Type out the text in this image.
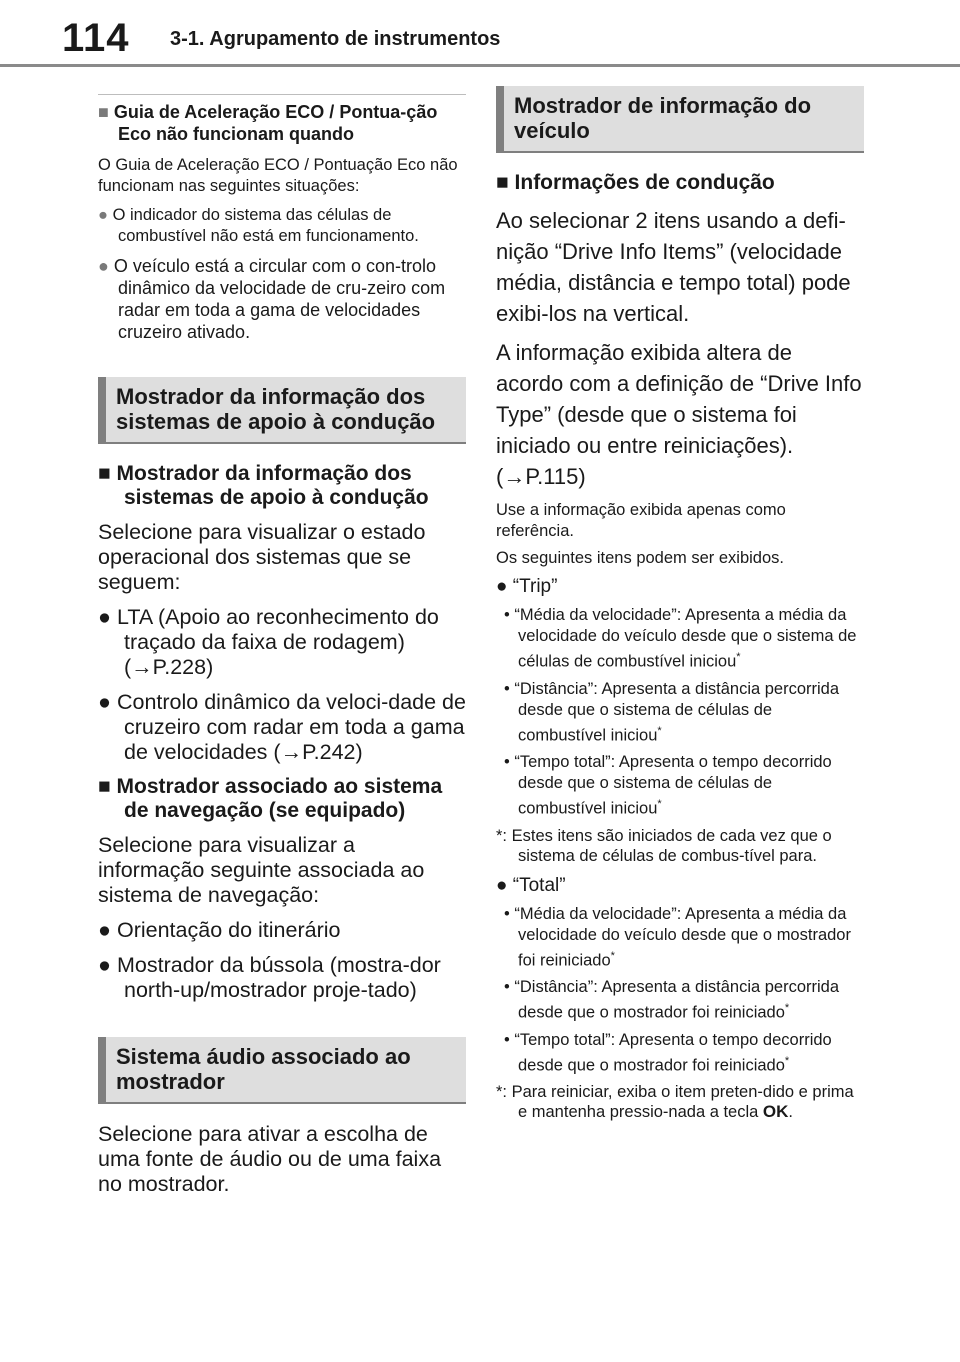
114 3-1. Agrupamento de instrumentos
■ Guia de Aceleração ECO / Pontua-ção Eco não funcionam quando

O Guia de Aceleração ECO / Pontuação Eco não funcionam nas seguintes situações:

● O indicador do sistema das células de combustível não está em funcionamento.

● O veículo está a circular com o con-trolo dinâmico da velocidade de cru-zeiro com radar em toda a gama de velocidades cruzeiro ativado.

Mostrador da informação dos sistemas de apoio à condução
■ Mostrador da informação dos sistemas de apoio à condução

Selecione para visualizar o estado operacional dos sistemas que se seguem:

● LTA (Apoio ao reconhecimento do traçado da faixa de rodagem) (→P.228)

● Controlo dinâmico da veloci-dade de cruzeiro com radar em toda a gama de velocidades (→P.242)

■ Mostrador associado ao sistema de navegação (se equipado)

Selecione para visualizar a informação seguinte associada ao sistema de navegação:

● Orientação do itinerário

● Mostrador da bússola (mostra-dor north-up/mostrador proje-tado)

Sistema áudio associado ao mostrador

Selecione para ativar a escolha de uma fonte de áudio ou de uma faixa no mostrador.

Mostrador de informação do veículo
■ Informações de condução

Ao selecionar 2 itens usando a defi-nição “Drive Info Items” (velocidade média, distância e tempo total) pode exibi-los na vertical.

A informação exibida altera de acordo com a definição de “Drive Info Type” (desde que o sistema foi iniciado ou entre reiniciações). (→P.115)

Use a informação exibida apenas como referência.

Os seguintes itens podem ser exibidos.

● “Trip”

• “Média da velocidade”: Apresenta a média da velocidade do veículo desde que o sistema de células de combustível iniciou*

• “Distância”: Apresenta a distância percorrida desde que o sistema de células de combustível iniciou*

• “Tempo total”: Apresenta o tempo decorrido desde que o sistema de células de combustível iniciou*

*: Estes itens são iniciados de cada vez que o sistema de células de combus-tível para.

● “Total”

• “Média da velocidade”: Apresenta a média da velocidade do veículo desde que o mostrador foi reiniciado*

• “Distância”: Apresenta a distância percorrida desde que o mostrador foi reiniciado*

• “Tempo total”: Apresenta o tempo decorrido desde que o mostrador foi reiniciado*

*: Para reiniciar, exiba o item preten-dido e prima e mantenha pressio-nada a tecla OK.
